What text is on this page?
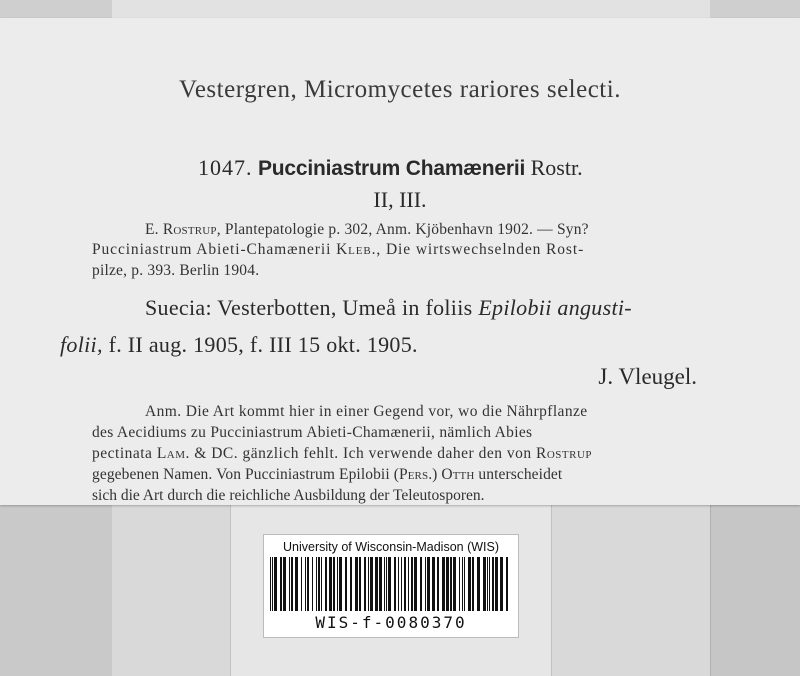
Vestergren, Micromycetes rariores selecti.
1047. Pucciniastrum Chamænerii Rostr.
II, III.
E. Rostrup, Plantepatologie p. 302, Anm. Kjöbenhavn 1902. — Syn?
Pucciniastrum Abieti-Chamænerii Kleb., Die wirtswechselnden Rost-
pilze, p. 393. Berlin 1904.
Suecia: Vesterbotten, Umeå in foliis Epilobii angusti-
folii, f. II aug. 1905, f. III 15 okt. 1905.
J. Vleugel.
Anm. Die Art kommt hier in einer Gegend vor, wo die Nährpflanze
des Aecidiums zu Pucciniastrum Abieti-Chamænerii, nämlich Abies
pectinata Lam. & DC. gänzlich fehlt. Ich verwende daher den von Rostrup
gegebenen Namen. Von Pucciniastrum Epilobii (Pers.) Otth unterscheidet
sich die Art durch die reichliche Ausbildung der Teleutosporen.
University of Wisconsin-Madison (WIS)
WIS-f-0080370
